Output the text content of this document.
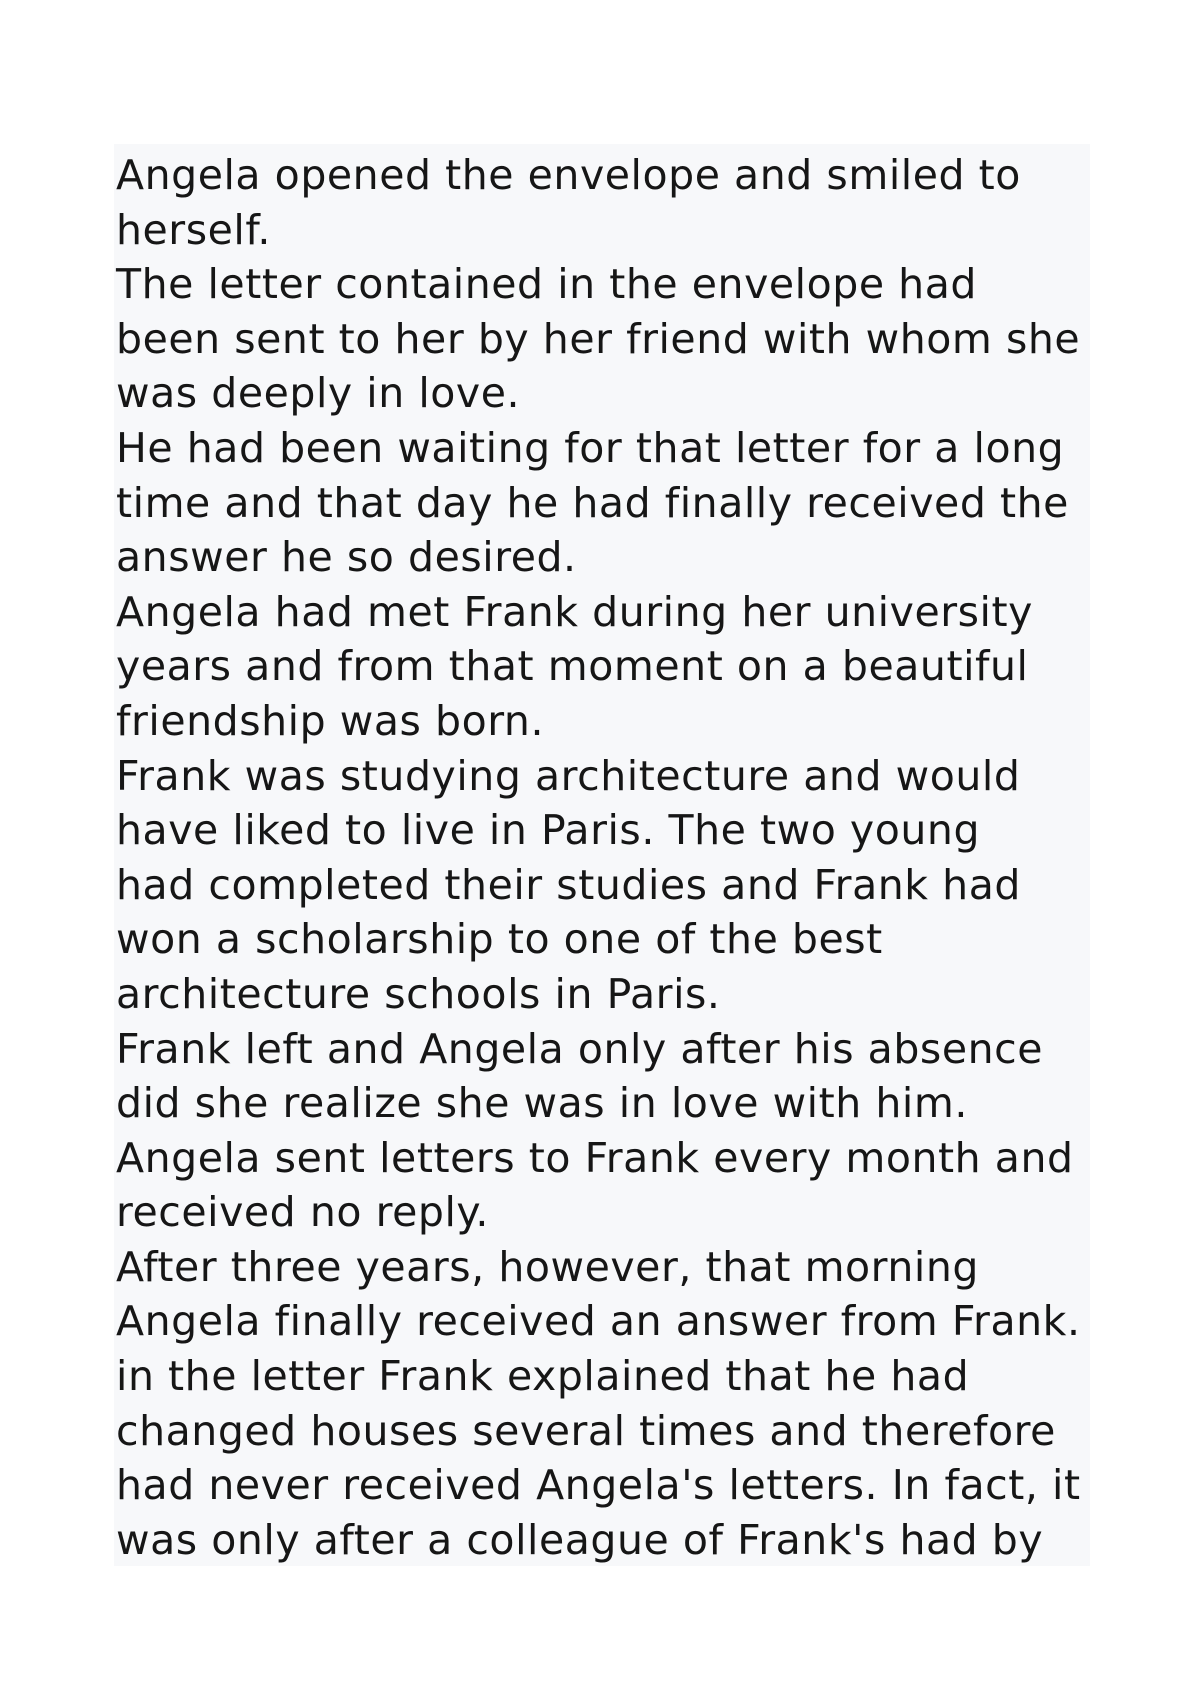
Angela opened the envelope and smiled to
herself.
The letter contained in the envelope had
been sent to her by her friend with whom she
was deeply in love.
He had been waiting for that letter for a long
time and that day he had finally received the
answer he so desired.
Angela had met Frank during her university
years and from that moment on a beautiful
friendship was born.
Frank was studying architecture and would
have liked to live in Paris. The two young
had completed their studies and Frank had
won a scholarship to one of the best
architecture schools in Paris.
Frank left and Angela only after his absence
did she realize she was in love with him.
Angela sent letters to Frank every month and
received no reply.
After three years, however, that morning
Angela finally received an answer from Frank.
in the letter Frank explained that he had
changed houses several times and therefore
had never received Angela's letters. In fact, it
was only after a colleague of Frank's had by
